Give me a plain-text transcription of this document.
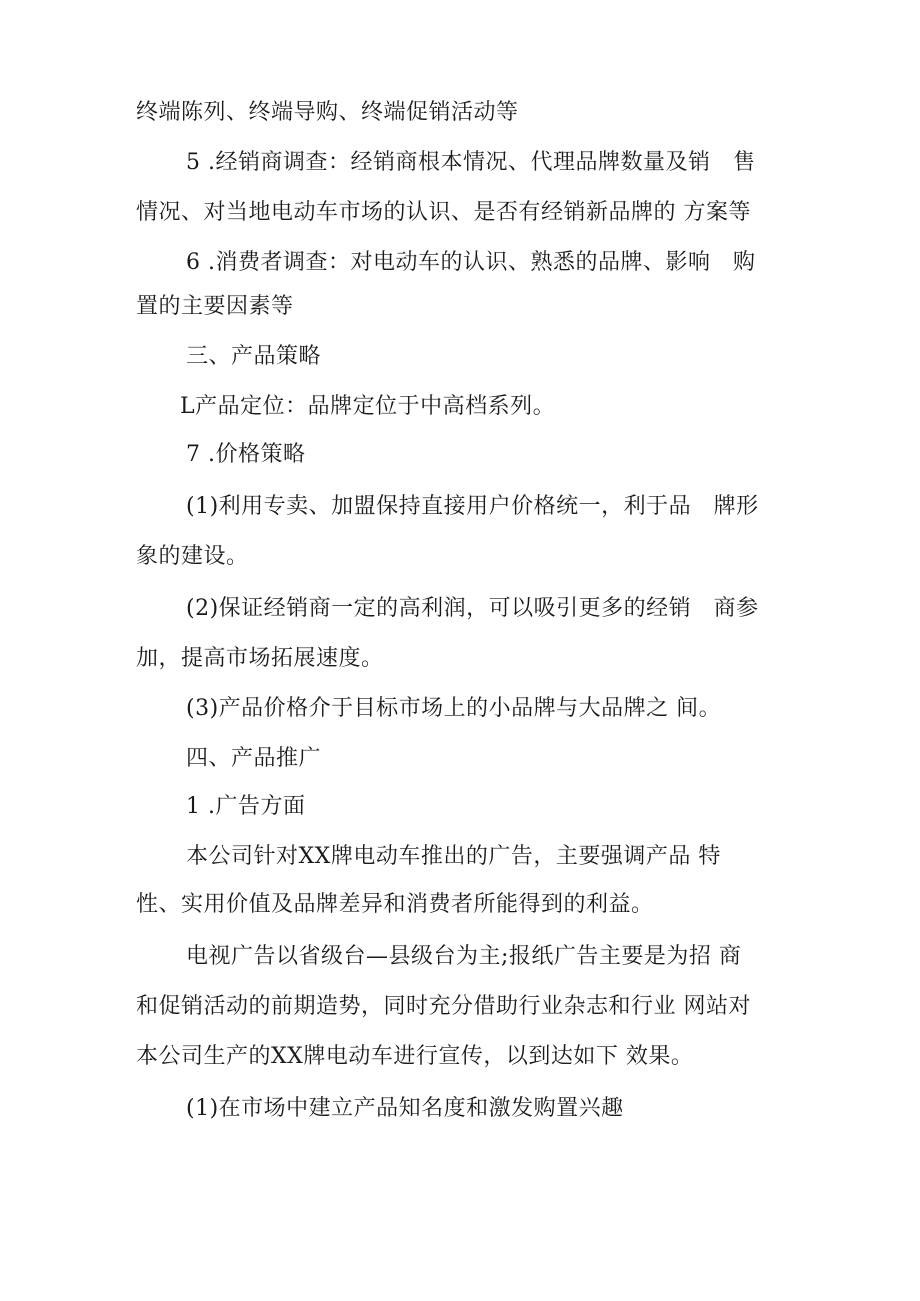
终端陈列、终端导购、终端促销活动等
5 .经销商调查：经销商根本情况、代理品牌数量及销　售
情况、对当地电动车市场的认识、是否有经销新品牌的 方案等
6 .消费者调查：对电动车的认识、熟悉的品牌、影响　购
置的主要因素等
三、产品策略
L产品定位：品牌定位于中高档系列。
7 .价格策略
(1)利用专卖、加盟保持直接用户价格统一，利于品　牌形
象的建设。
(2)保证经销商一定的高利润，可以吸引更多的经销　商参
加，提高市场拓展速度。
(3)产品价格介于目标市场上的小品牌与大品牌之 间。
四、产品推广
1 .广告方面
本公司针对XX牌电动车推出的广告，主要强调产品 特
性、实用价值及品牌差异和消费者所能得到的利益。
电视广告以省级台—县级台为主;报纸广告主要是为招 商
和促销活动的前期造势，同时充分借助行业杂志和行业 网站对
本公司生产的XX牌电动车进行宣传，以到达如下 效果。
(1)在市场中建立产品知名度和激发购置兴趣
